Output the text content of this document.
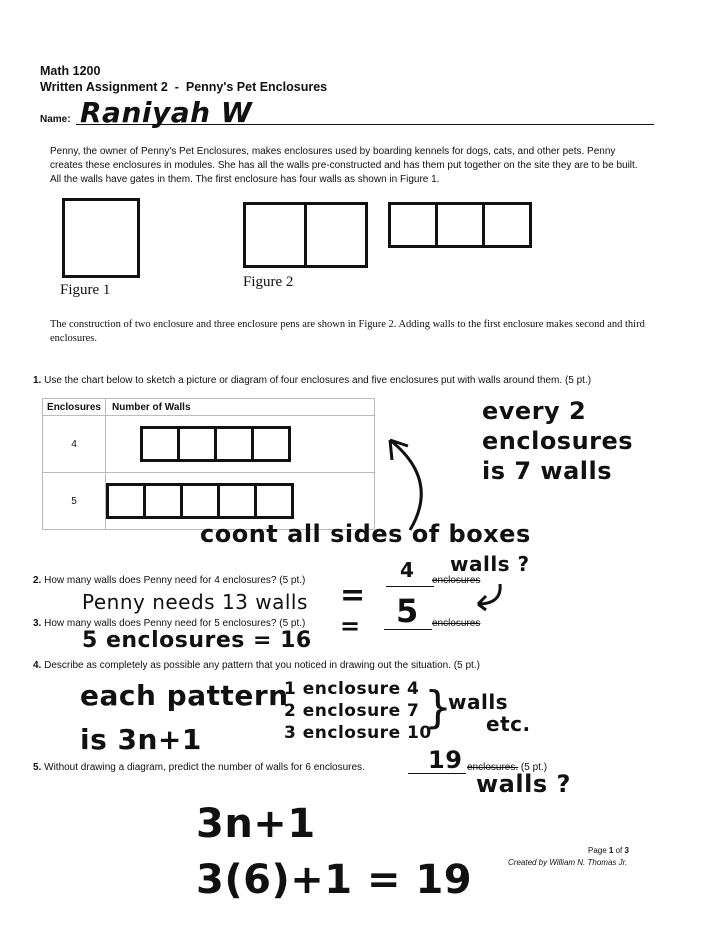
Math 1200
Written Assignment 2  -  Penny's Pet Enclosures
Name: Raniyah W
Penny, the owner of Penny's Pet Enclosures, makes enclosures used by boarding kennels for dogs, cats, and other pets. Penny creates these enclosures in modules. She has all the walls pre-constructed and has them put together on the site they are to be built. All the walls have gates in them. The first enclosure has four walls as shown in Figure 1.
Figure 1	Figure 2
The construction of two enclosure and three enclosure pens are shown in Figure 2. Adding walls to the first enclosure makes second and third enclosures.
1. Use the chart below to sketch a picture or diagram of four enclosures and five enclosures put with walls around them. (5 pt.)
Enclosures	Number of Walls
4	

5	
every 2
enclosures
is 7 walls
coont all sides of boxes
walls ?
2. How many walls does Penny need for 4 enclosures? (5 pt.)	4 enclosures
Penny needs 13 walls = 5
3. How many walls does Penny need for 5 enclosures? (5 pt.)	enclosures
=
5 enclosures = 16
4. Describe as completely as possible any pattern that you noticed in drawing out the situation. (5 pt.)
each pattern
is 3n+1
1 enclosure 4
2 enclosure 7
3 enclosure 10
}
walls
etc.
5. Without drawing a diagram, predict the number of walls for 6 enclosures.	19 enclosures. (5 pt.)
walls ?
3n+1
3(6)+1 = 19
Page 1 of 3
Created by William N. Thomas Jr.
